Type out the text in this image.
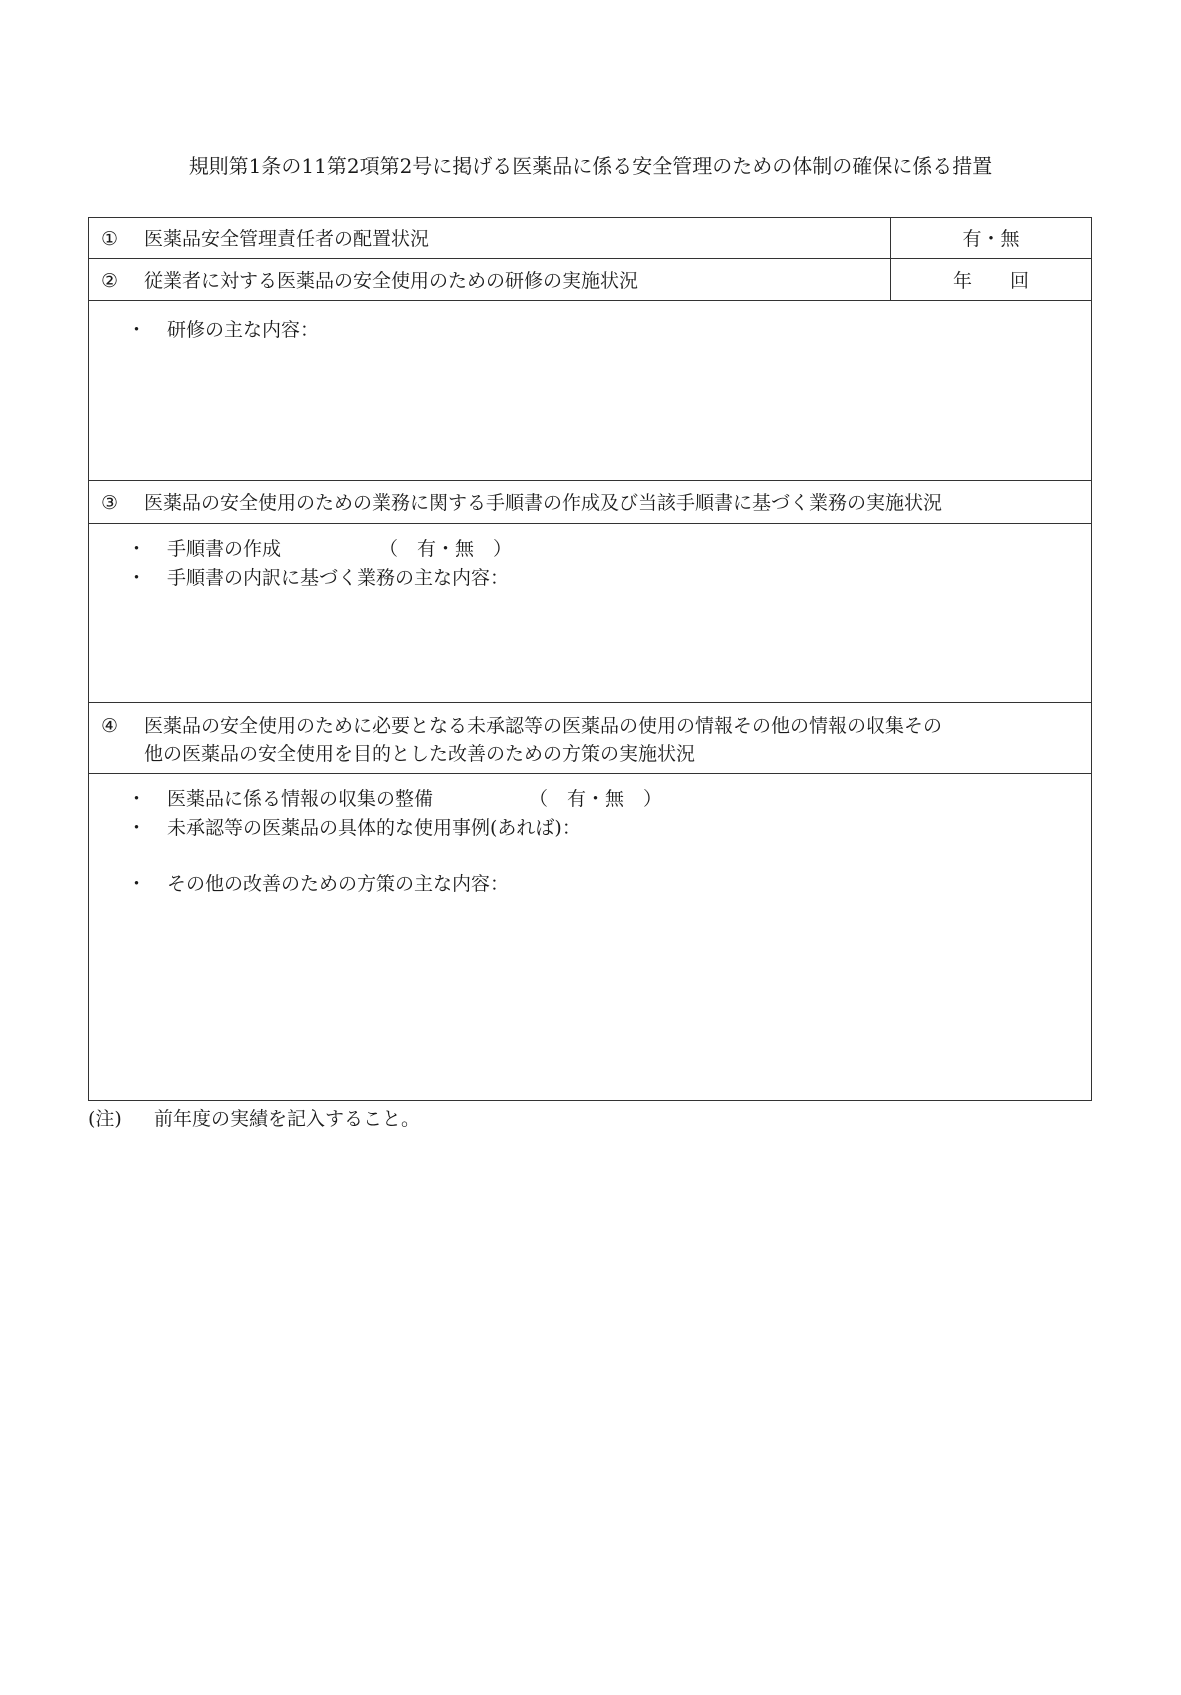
規則第1条の11第2項第2号に掲げる医薬品に係る安全管理のための体制の確保に係る措置
① 医薬品安全管理責任者の配置状況	有・無
② 従業者に対する医薬品の安全使用のための研修の実施状況	年　　回
・ 研修の主な内容：
③ 医薬品の安全使用のための業務に関する手順書の作成及び当該手順書に基づく業務の実施状況
・ 手順書の作成	（　有・無　）
・ 手順書の内訳に基づく業務の主な内容：
④ 医薬品の安全使用のために必要となる未承認等の医薬品の使用の情報その他の情報の収集その
他の医薬品の安全使用を目的とした改善のための方策の実施状況
・ 医薬品に係る情報の収集の整備	（　有・無　）
・ 未承認等の医薬品の具体的な使用事例(あれば)：
・ その他の改善のための方策の主な内容：
(注) 前年度の実績を記入すること。
